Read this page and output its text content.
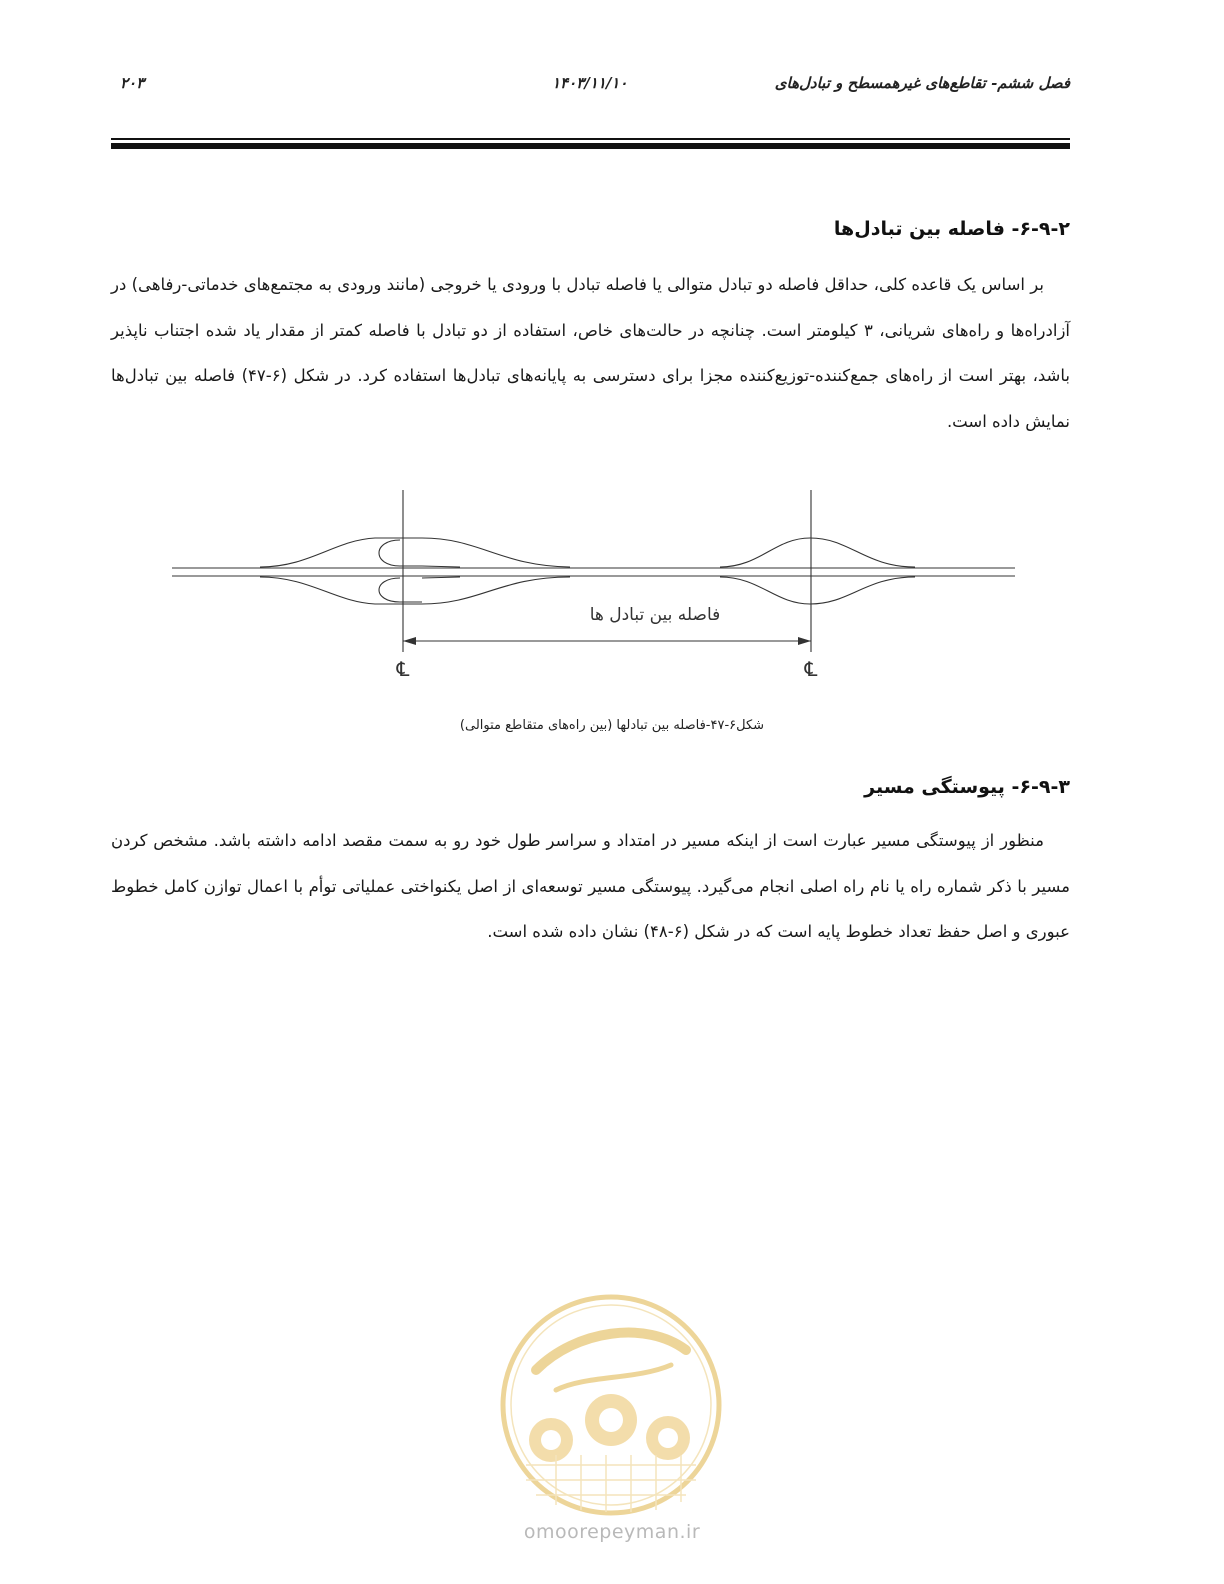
فصل ششم- تقاطع‌های غیرهمسطح و تبادل‌های
۱۴۰۳/۱۱/۱۰
۲۰۳
۶-۹-۲- فاصله بین تبادل‌ها

بر اساس یک قاعده کلی، حداقل فاصله دو تبادل متوالی یا فاصله تبادل با ورودی یا خروجی (مانند ورودی به مجتمع‌های خدماتی-رفاهی) در آزادراه‌ها و راه‌های شریانی، ۳ کیلومتر است. چنانچه در حالت‌های خاص، استفاده از دو تبادل با فاصله کمتر از مقدار یاد شده اجتناب ناپذیر باشد، بهتر است از راه‌های جمع‌کننده-توزیع‌کننده مجزا برای دسترسی به پایانه‌های تبادل‌ها استفاده کرد. در شکل (۶-۴۷) فاصله بین تبادل‌ها نمایش داده است.

فاصله بین تبادل ها
℄	℄
شکل۶-۴۷-فاصله بین تبادلها (بین راه‌های متقاطع متوالی)
۶-۹-۳- پیوستگی مسیر

منظور از پیوستگی مسیر عبارت است از اینکه مسیر در امتداد و سراسر طول خود رو به سمت مقصد ادامه داشته باشد. مشخص کردن مسیر با ذکر شماره راه یا نام راه اصلی انجام می‌گیرد. پیوستگی مسیر توسعه‌ای از اصل یکنواختی عملیاتی توأم با اعمال توازن کامل خطوط عبوری و اصل حفظ تعداد خطوط پایه است که در شکل (۶-۴۸) نشان داده شده است.

omoorepeyman.ir
